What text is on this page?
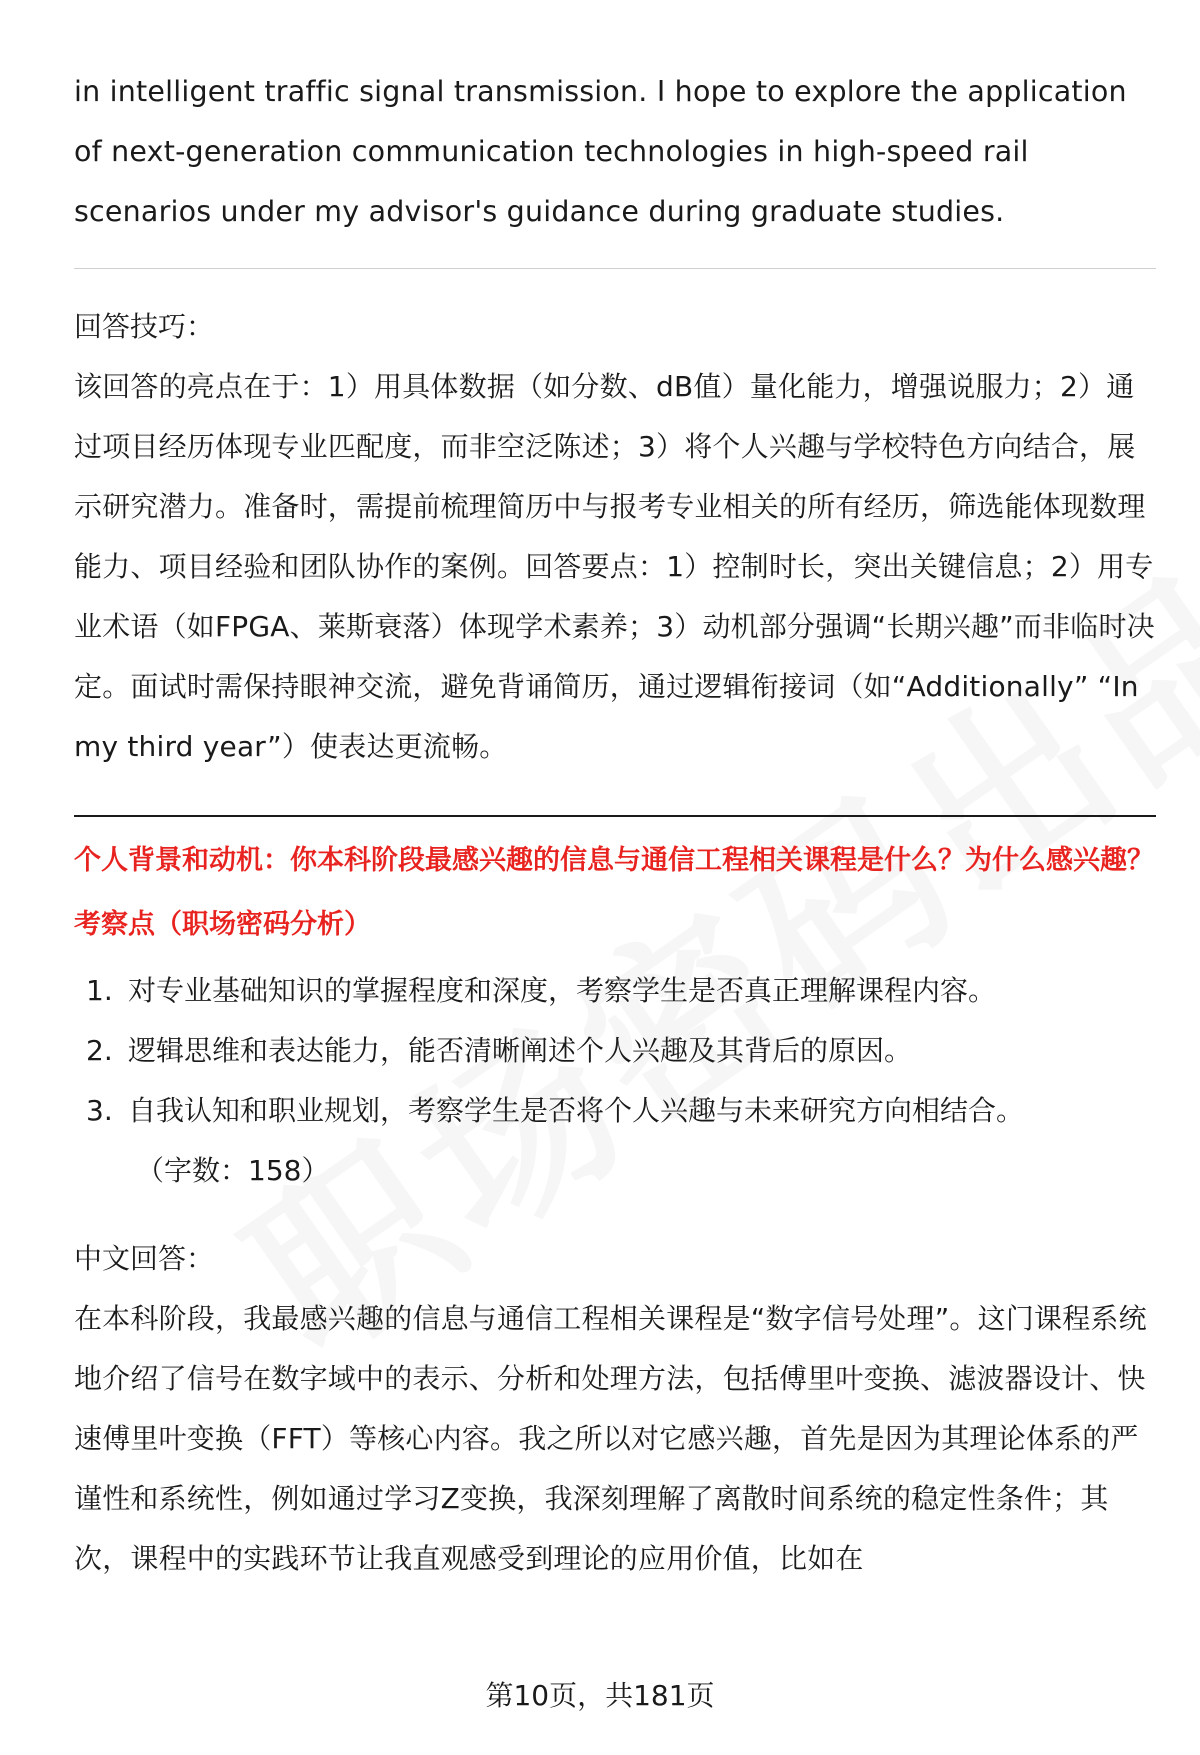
in intelligent traffic signal transmission. I hope to explore the application of next-generation communication technologies in high-speed rail scenarios under my advisor's guidance during graduate studies.

回答技巧：

该回答的亮点在于：1）用具体数据（如分数、dB值）量化能力，增强说服力；2）通过项目经历体现专业匹配度，而非空泛陈述；3）将个人兴趣与学校特色方向结合，展示研究潜力。准备时，需提前梳理简历中与报考专业相关的所有经历，筛选能体现数理能力、项目经验和团队协作的案例。回答要点：1）控制时长，突出关键信息；2）用专业术语（如FPGA、莱斯衰落）体现学术素养；3）动机部分强调“长期兴趣”而非临时决定。面试时需保持眼神交流，避免背诵简历，通过逻辑衔接词（如“Additionally” “In my third year”）使表达更流畅。

个人背景和动机：你本科阶段最感兴趣的信息与通信工程相关课程是什么？为什么感兴趣？

考察点（职场密码分析）

1. 对专业基础知识的掌握程度和深度，考察学生是否真正理解课程内容。
2. 逻辑思维和表达能力，能否清晰阐述个人兴趣及其背后的原因。
3. 自我认知和职业规划，考察学生是否将个人兴趣与未来研究方向相结合。

（字数：158）

中文回答：

在本科阶段，我最感兴趣的信息与通信工程相关课程是“数字信号处理”。这门课程系统地介绍了信号在数字域中的表示、分析和处理方法，包括傅里叶变换、滤波器设计、快速傅里叶变换（FFT）等核心内容。我之所以对它感兴趣，首先是因为其理论体系的严谨性和系统性，例如通过学习Z变换，我深刻理解了离散时间系统的稳定性条件；其次，课程中的实践环节让我直观感受到理论的应用价值，比如在

第10页，共181页
